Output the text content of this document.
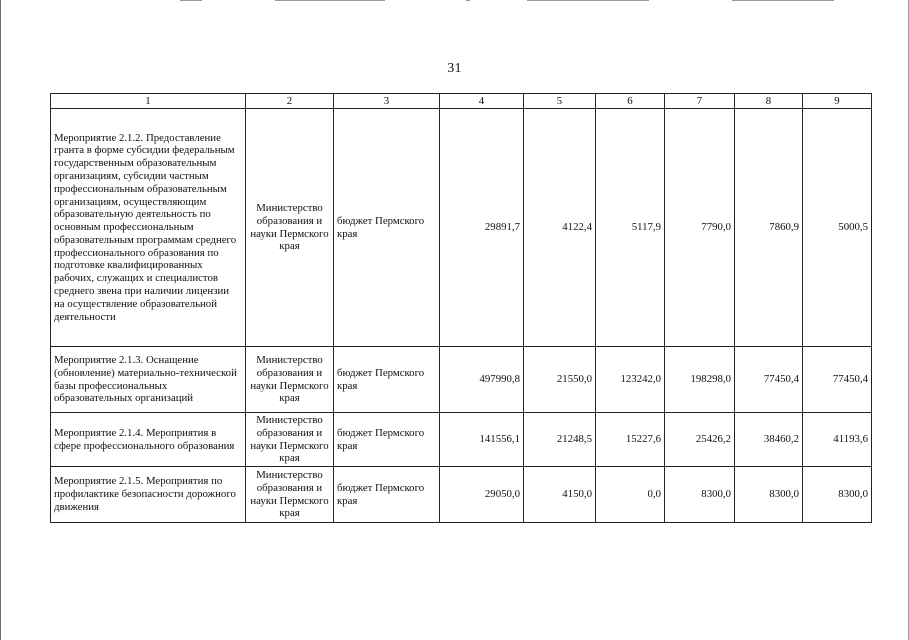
31
1	2	3	4	5	6	7	8	9
Мероприятие 2.1.2. Предоставление гранта в форме субсидии федеральным государственным образовательным организациям, субсидии частным профессиональным образовательным организациям, осуществляющим образовательную деятельность по основным профессиональным образовательным программам среднего профессионального образования по подготовке квалифицированных рабочих, служащих и специалистов среднего звена при наличии лицензии на осуществление образовательной деятельности	Министерство образования и науки Пермского края	бюджет Пермского края	29891,7	4122,4	5117,9	7790,0	7860,9	5000,5
Мероприятие 2.1.3. Оснащение (обновление) материально-технической базы профессиональных образовательных организаций	Министерство образования и науки Пермского края	бюджет Пермского края	497990,8	21550,0	123242,0	198298,0	77450,4	77450,4
Мероприятие 2.1.4. Мероприятия в сфере профессионального образования	Министерство образования и науки Пермского края	бюджет Пермского края	141556,1	21248,5	15227,6	25426,2	38460,2	41193,6
Мероприятие 2.1.5. Мероприятия по профилактике безопасности дорожного движения	Министерство образования и науки Пермского края	бюджет Пермского края	29050,0	4150,0	0,0	8300,0	8300,0	8300,0
